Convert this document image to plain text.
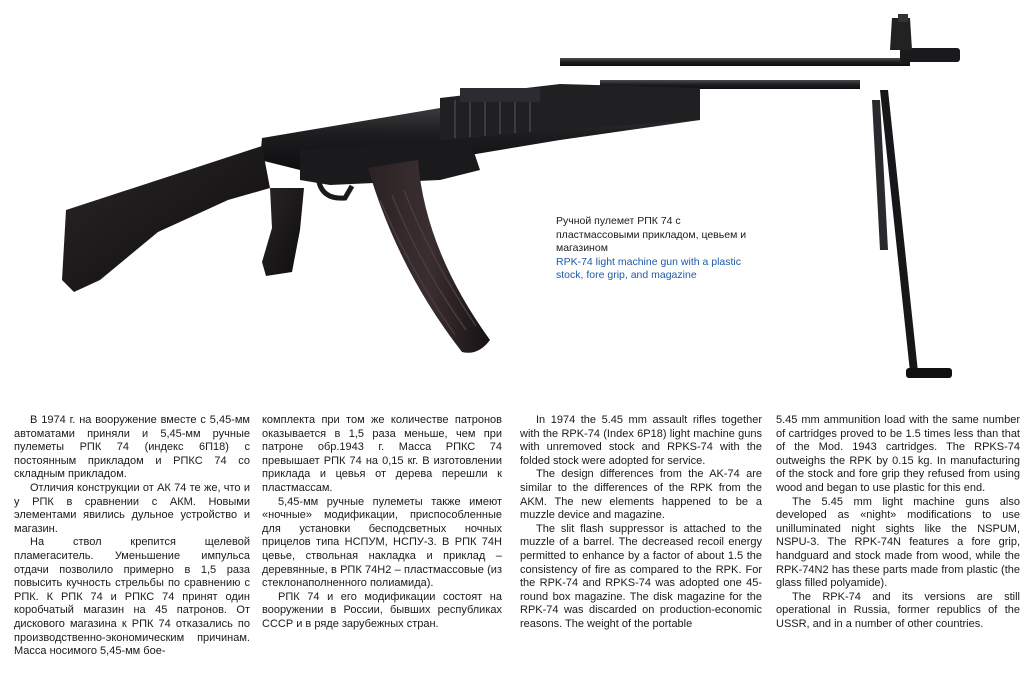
Ручной пулемет РПК 74 с пластмассовыми прикладом, цевьем и магазином
RPK-74 light machine gun with a plastic stock, fore grip, and magazine

В 1974 г. на вооружение вместе с 5,45-мм автоматами приняли и 5,45-мм ручные пулеметы РПК 74 (индекс 6П18) с постоянным прикладом и РПКС 74 со складным прикладом.

Отличия конструкции от АК 74 те же, что и у РПК в сравнении с АКМ. Новыми элементами явились дульное устройство и магазин.

На ствол крепится щелевой пламегаситель. Уменьшение импульса отдачи позволило примерно в 1,5 раза повысить кучность стрельбы по сравнению с РПК. К РПК 74 и РПКС 74 принят один коробчатый магазин на 45 патронов. От дискового магазина к РПК 74 отказались по производственно-экономическим причинам. Масса носимого 5,45-мм бое-

комплекта при том же количестве патронов оказывается в 1,5 раза меньше, чем при патроне обр.1943 г. Масса РПКС 74 превышает РПК 74 на 0,15 кг. В изготовлении приклада и цевья от дерева перешли к пластмассам.

5,45-мм ручные пулеметы также имеют «ночные» модификации, приспособленные для установки бесподсветных ночных прицелов типа НСПУМ, НСПУ-3. В РПК 74Н цевье, ствольная накладка и приклад – деревянные, в РПК 74Н2 – пластмассовые (из стеклонаполненного полиамида).

РПК 74 и его модификации состоят на вооружении в России, бывших республиках СССР и в ряде зарубежных стран.

In 1974 the 5.45 mm assault rifles together with the RPK-74 (Index 6P18) light machine guns with unremoved stock and RPKS-74 with the folded stock were adopted for service.

The design differences from the AK-74 are similar to the differences of the RPK from the AKM. The new elements happened to be a muzzle device and magazine.

The slit flash suppressor is attached to the muzzle of a barrel. The decreased recoil energy permitted to enhance by a factor of about 1.5 the consistency of fire as compared to the RPK. For the RPK-74 and RPKS-74 was adopted one 45-round box magazine. The disk magazine for the RPK-74 was discarded on production-economic reasons. The weight of the portable

5.45 mm ammunition load with the same number of cartridges proved to be 1.5 times less than that of the Mod. 1943 cartridges. The RPKS-74 outweighs the RPK by 0.15 kg. In manufacturing of the stock and fore grip they refused from using wood and began to use plastic for this end.

The 5.45 mm light machine guns also developed as «night» modifications to use unilluminated night sights like the NSPUM, NSPU-3. The RPK-74N features a fore grip, handguard and stock made from wood, while the RPK-74N2 has these parts made from plastic (the glass filled polyamide).

The RPK-74 and its versions are still operational in Russia, former republics of the USSR, and in a number of other countries.
